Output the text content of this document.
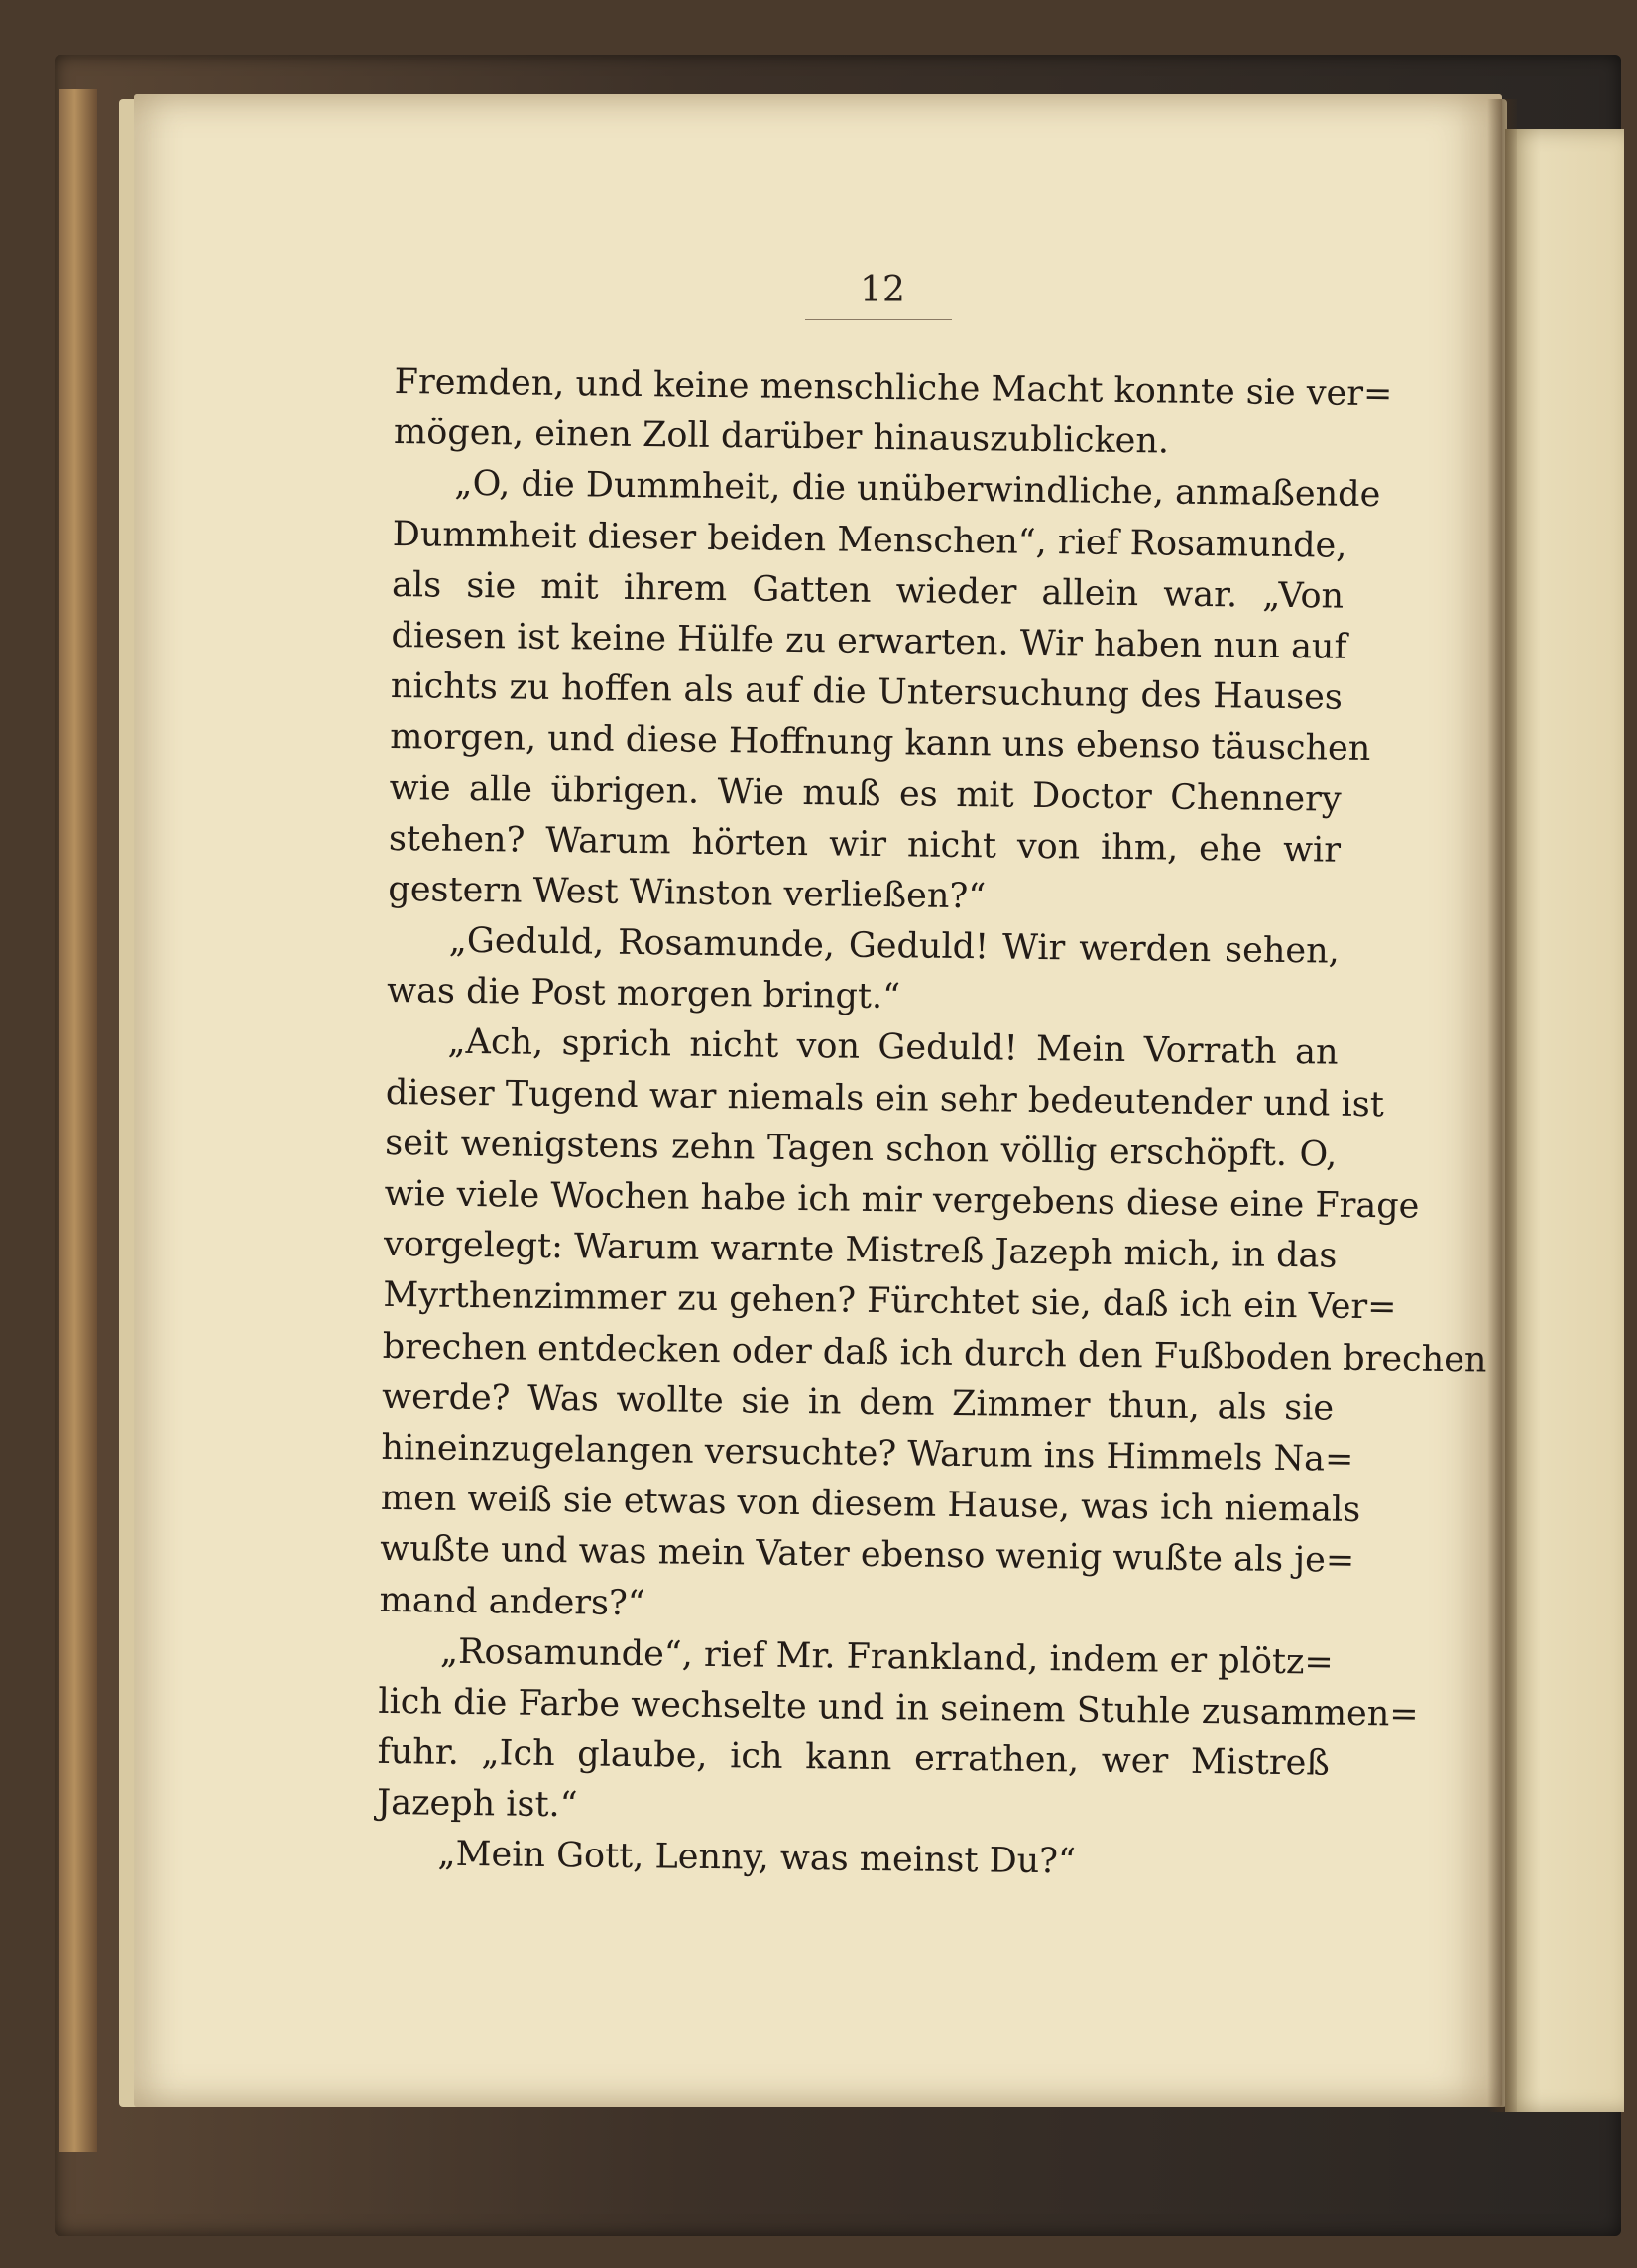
12
Fremden, und keine menschliche Macht konnte sie ver=
mögen, einen Zoll darüber hinauszublicken.
„O, die Dummheit, die unüberwindliche, anmaßende
Dummheit dieser beiden Menschen“, rief Rosamunde,
als sie mit ihrem Gatten wieder allein war. „Von
diesen ist keine Hülfe zu erwarten. Wir haben nun auf
nichts zu hoffen als auf die Untersuchung des Hauses
morgen, und diese Hoffnung kann uns ebenso täuschen
wie alle übrigen. Wie muß es mit Doctor Chennery
stehen? Warum hörten wir nicht von ihm, ehe wir
gestern West Winston verließen?“
„Geduld, Rosamunde, Geduld! Wir werden sehen,
was die Post morgen bringt.“
„Ach, sprich nicht von Geduld! Mein Vorrath an
dieser Tugend war niemals ein sehr bedeutender und ist
seit wenigstens zehn Tagen schon völlig erschöpft. O,
wie viele Wochen habe ich mir vergebens diese eine Frage
vorgelegt: Warum warnte Mistreß Jazeph mich, in das
Myrthenzimmer zu gehen? Fürchtet sie, daß ich ein Ver=
brechen entdecken oder daß ich durch den Fußboden brechen
werde? Was wollte sie in dem Zimmer thun, als sie
hineinzugelangen versuchte? Warum ins Himmels Na=
men weiß sie etwas von diesem Hause, was ich niemals
wußte und was mein Vater ebenso wenig wußte als je=
mand anders?“
„Rosamunde“, rief Mr. Frankland, indem er plötz=
lich die Farbe wechselte und in seinem Stuhle zusammen=
fuhr. „Ich glaube, ich kann errathen, wer Mistreß
Jazeph ist.“
„Mein Gott, Lenny, was meinst Du?“
